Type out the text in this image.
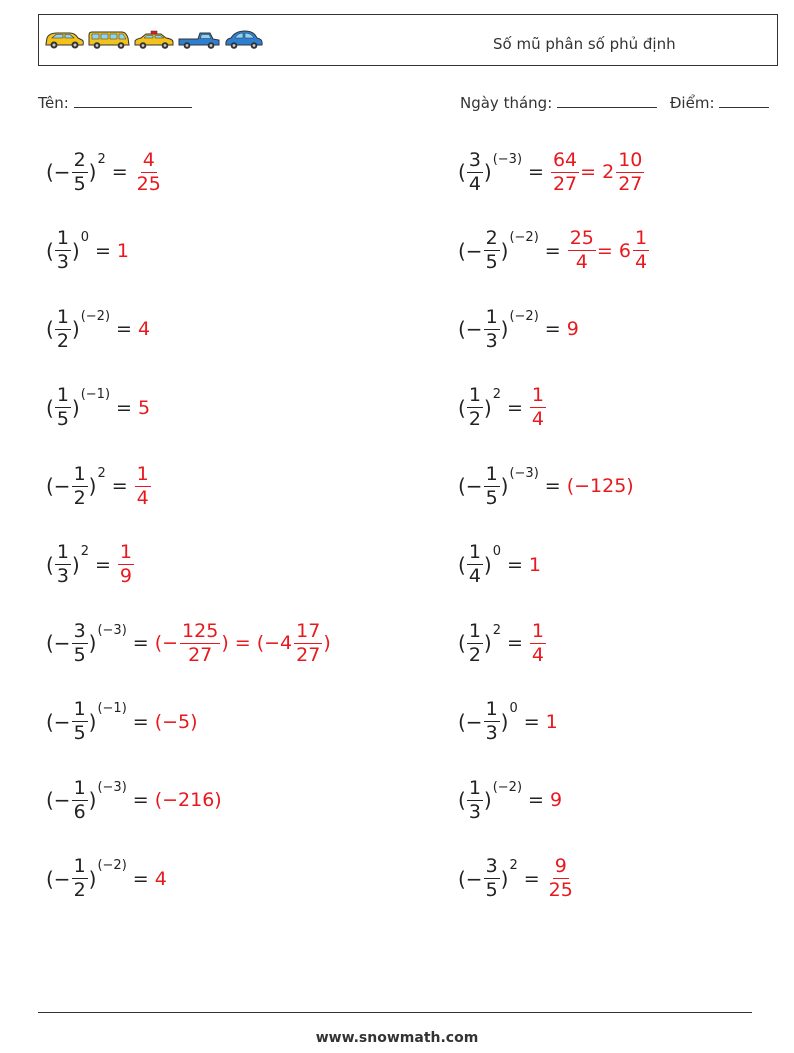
Số mũ phân số phủ định
Tên:	Ngày tháng:	Điểm:
(− $\frac{2}{5}$ )
2
= $\frac{4}{25}$
( $\frac{1}{3}$ )
0
= 1
( $\frac{1}{2}$ )
(−2)
= 4
( $\frac{1}{5}$ )
(−1)
= 5
(− $\frac{1}{2}$ )
2
= $\frac{1}{4}$
( $\frac{1}{3}$ )
2
= $\frac{1}{9}$
(− $\frac{3}{5}$ )
(−3)
= (− $\frac{125}{27}$ ) = ($-4 \frac{17}{27}$ )
(− $\frac{1}{5}$ )
(−1)
= (−5)
(− $\frac{1}{6}$ )
(−3)
= (−216)
(− $\frac{1}{2}$ )
(−2)
= 4
( $\frac{3}{4}$ )
(−3)
= $\frac{64}{27} = 2 \frac{10}{27}$
(− $\frac{2}{5}$ )
(−2)
= $\frac{25}{4} = 6 \frac{1}{4}$
(− $\frac{1}{3}$ )
(−2)
= 9
( $\frac{1}{2}$ )
2
= $\frac{1}{4}$
(− $\frac{1}{5}$ )
(−3)
= (−125)
( $\frac{1}{4}$ )
0
= 1
( $\frac{1}{2}$ )
2
= $\frac{1}{4}$
(− $\frac{1}{3}$ )
0
= 1
( $\frac{1}{3}$ )
(−2)
= 9
(− $\frac{3}{5}$ )
2
= $\frac{9}{25}$
www.snowmath.com
